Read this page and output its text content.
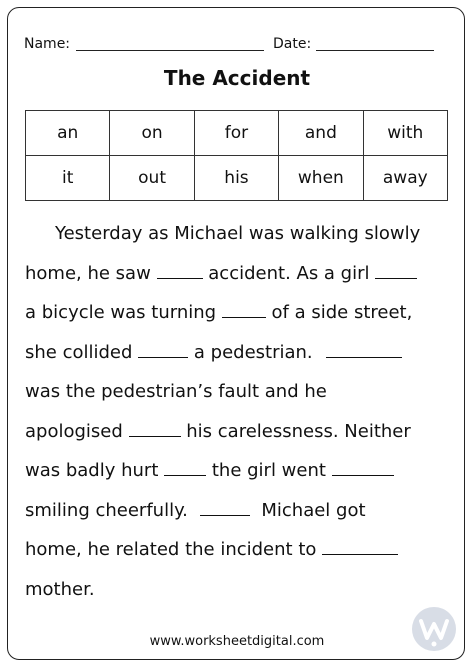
Name:	Date:
The Accident
an	on	for	and	with
it	out	his	when	away
Yesterday as Michael was walking slowly
home, he saw	accident. As a girl
a bicycle was turning	of a side street,
she collided	a pedestrian.
was the pedestrian’s fault and he
apologised	his carelessness. Neither
was badly hurt	the girl went
smiling cheerfully.	Michael got
home, he related the incident to
mother.
www.worksheetdigital.com
